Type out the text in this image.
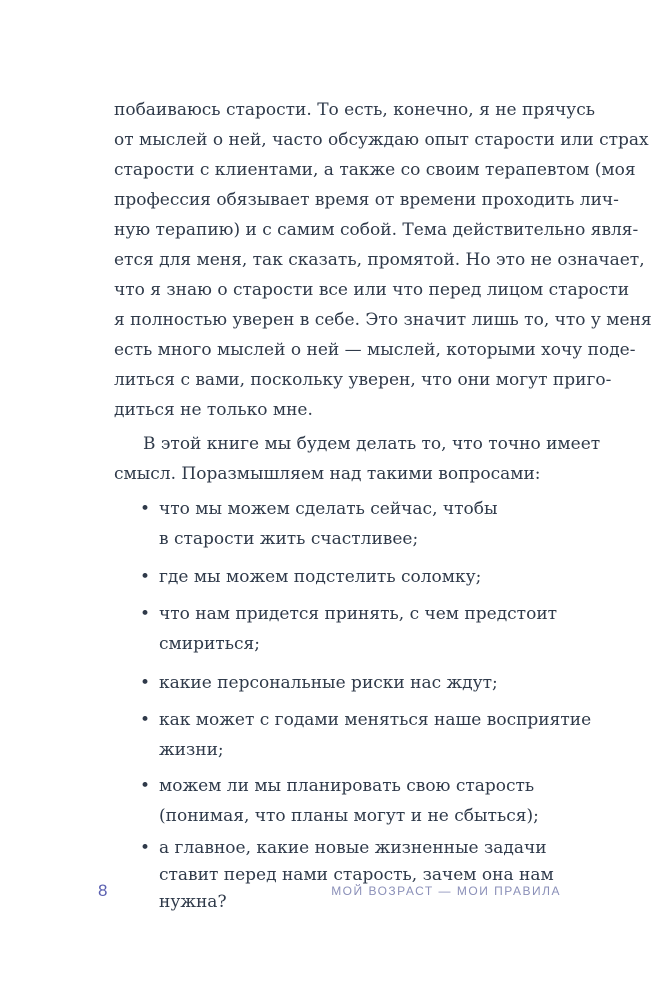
побаиваюсь старости. То есть, конечно, я не прячусь
от мыслей о ней, часто обсуждаю опыт старости или страх
старости с клиентами, а также со своим терапевтом (моя
профессия обязывает время от времени проходить лич-
ную терапию) и с самим собой. Тема действительно явля-
ется для меня, так сказать, промятой. Но это не означает,
что я знаю о старости все или что перед лицом старости
я полностью уверен в себе. Это значит лишь то, что у меня
есть много мыслей о ней — мыслей, которыми хочу поде-
литься с вами, поскольку уверен, что они могут приго-
диться не только мне.
В этой книге мы будем делать то, что точно имеет
смысл. Поразмышляем над такими вопросами:
• что мы можем сделать сейчас, чтобы
в старости жить счастливее;
• где мы можем подстелить соломку;
• что нам придется принять, с чем предстоит
смириться;
• какие персональные риски нас ждут;
• как может с годами меняться наше восприятие
жизни;
• можем ли мы планировать свою старость
(понимая, что планы могут и не сбыться);
• а главное, какие новые жизненные задачи
ставит перед нами старость, зачем она нам
нужна?
8	МОЙ ВОЗРАСТ — МОИ ПРАВИЛА
